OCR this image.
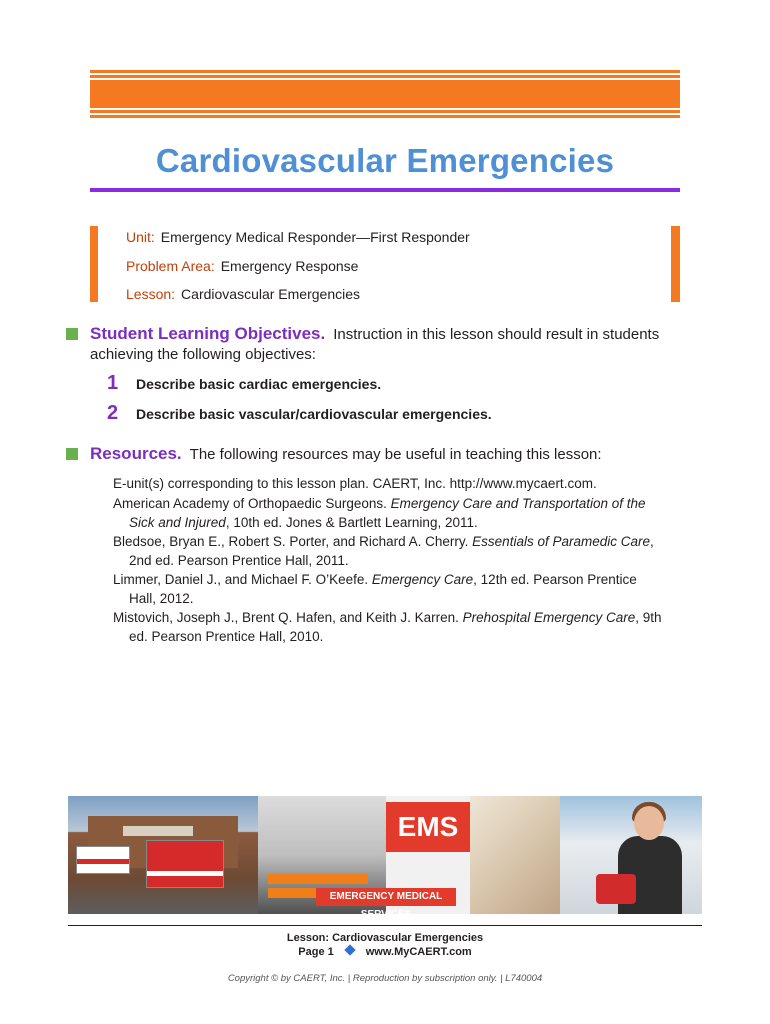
Cardiovascular Emergencies
Unit: Emergency Medical Responder—First Responder
Problem Area: Emergency Response
Lesson: Cardiovascular Emergencies
Student Learning Objectives. Instruction in this lesson should result in students
achieving the following objectives:
1 Describe basic cardiac emergencies.
2 Describe basic vascular/cardiovascular emergencies.
Resources. The following resources may be useful in teaching this lesson:
E-unit(s) corresponding to this lesson plan. CAERT, Inc. http://www.mycaert.com.
American Academy of Orthopaedic Surgeons. Emergency Care and Transportation of the
Sick and Injured, 10th ed. Jones & Bartlett Learning, 2011.
Bledsoe, Bryan E., Robert S. Porter, and Richard A. Cherry. Essentials of Paramedic Care,
2nd ed. Pearson Prentice Hall, 2011.
Limmer, Daniel J., and Michael F. O’Keefe. Emergency Care, 12th ed. Pearson Prentice
Hall, 2012.
Mistovich, Joseph J., Brent Q. Hafen, and Keith J. Karren. Prehospital Emergency Care, 9th
ed. Pearson Prentice Hall, 2010.
EMS
EMERGENCY MEDICAL SERVICES
Lesson: Cardiovascular Emergencies
Page 1	www.MyCAERT.com
Copyright © by CAERT, Inc. | Reproduction by subscription only. | L740004
